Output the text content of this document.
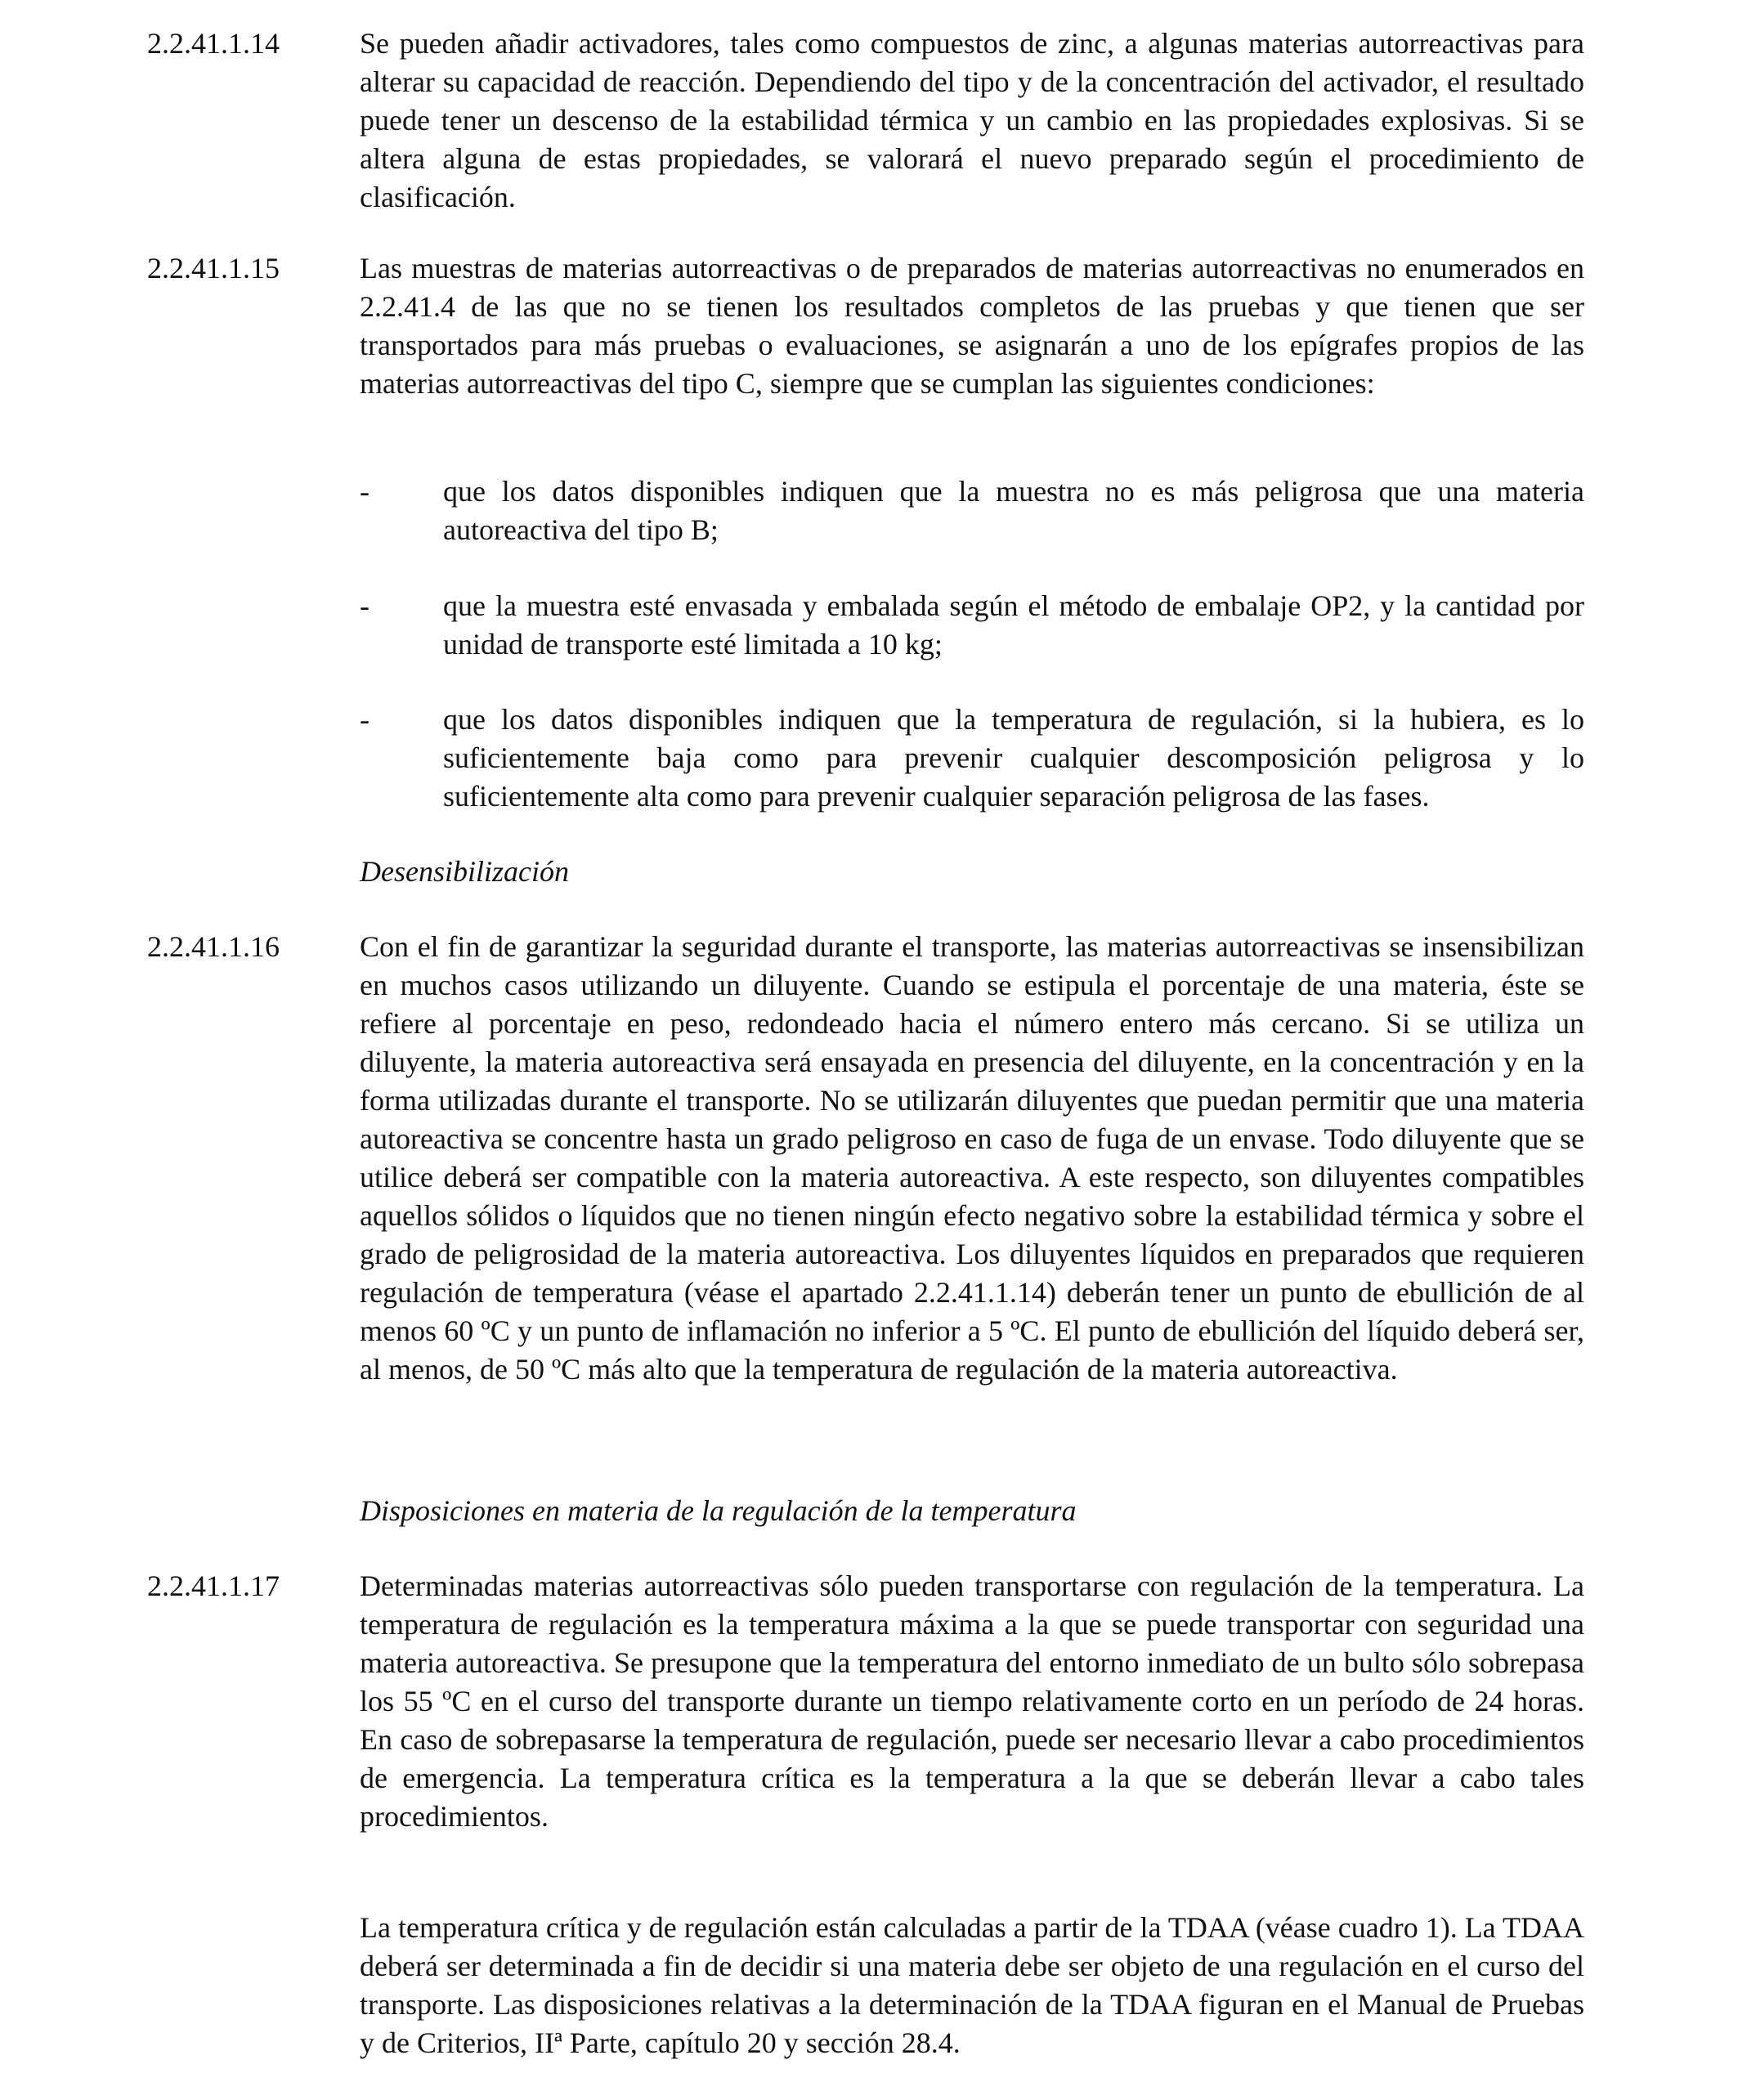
2.2.41.1.14	Se pueden añadir activadores, tales como compuestos de zinc, a algunas materias autorreactivas para alterar su capacidad de reacción. Dependiendo del tipo y de la concentración del activador, el resultado puede tener un descenso de la estabilidad térmica y un cambio en las propiedades explosivas. Si se altera alguna de estas propiedades, se valorará el nuevo preparado según el procedimiento de clasificación.

2.2.41.1.15	Las muestras de materias autorreactivas o de preparados de materias autorreactivas no enumerados en 2.2.41.4 de las que no se tienen los resultados completos de las pruebas y que tienen que ser transportados para más pruebas o evaluaciones, se asignarán a uno de los epígrafes propios de las materias autorreactivas del tipo C, siempre que se cumplan las siguientes condiciones:

-	que los datos disponibles indiquen que la muestra no es más peligrosa que una materia autoreactiva del tipo B;

-	que la muestra esté envasada y embalada según el método de embalaje OP2, y la cantidad por unidad de transporte esté limitada a 10 kg;

-	que los datos disponibles indiquen que la temperatura de regulación, si la hubiera, es lo suficientemente baja como para prevenir cualquier descomposición peligrosa y lo suficientemente alta como para prevenir cualquier separación peligrosa de las fases.

Desensibilización

2.2.41.1.16	Con el fin de garantizar la seguridad durante el transporte, las materias autorreactivas se insensibilizan en muchos casos utilizando un diluyente. Cuando se estipula el porcentaje de una materia, éste se refiere al porcentaje en peso, redondeado hacia el número entero más cercano. Si se utiliza un diluyente, la materia autoreactiva será ensayada en presencia del diluyente, en la concentración y en la forma utilizadas durante el transporte. No se utilizarán diluyentes que puedan permitir que una materia autoreactiva se concentre hasta un grado peligroso en caso de fuga de un envase. Todo diluyente que se utilice deberá ser compatible con la materia autoreactiva. A este respecto, son diluyentes compatibles aquellos sólidos o líquidos que no tienen ningún efecto negativo sobre la estabilidad térmica y sobre el grado de peligrosidad de la materia autoreactiva. Los diluyentes líquidos en preparados que requieren regulación de temperatura (véase el apartado 2.2.41.1.14) deberán tener un punto de ebullición de al menos 60 ºC y un punto de inflamación no inferior a 5 ºC. El punto de ebullición del líquido deberá ser, al menos, de 50 ºC más alto que la temperatura de regulación de la materia autoreactiva.

Disposiciones en materia de la regulación de la temperatura

2.2.41.1.17	Determinadas materias autorreactivas sólo pueden transportarse con regulación de la temperatura. La temperatura de regulación es la temperatura máxima a la que se puede transportar con seguridad una materia autoreactiva. Se presupone que la temperatura del entorno inmediato de un bulto sólo sobrepasa los 55 ºC en el curso del transporte durante un tiempo relativamente corto en un período de 24 horas. En caso de sobrepasarse la temperatura de regulación, puede ser necesario llevar a cabo procedimientos de emergencia. La temperatura crítica es la temperatura a la que se deberán llevar a cabo tales procedimientos.

La temperatura crítica y de regulación están calculadas a partir de la TDAA (véase cuadro 1). La TDAA deberá ser determinada a fin de decidir si una materia debe ser objeto de una regulación en el curso del transporte. Las disposiciones relativas a la determinación de la TDAA figuran en el Manual de Pruebas y de Criterios, IIª Parte, capítulo 20 y sección 28.4.
